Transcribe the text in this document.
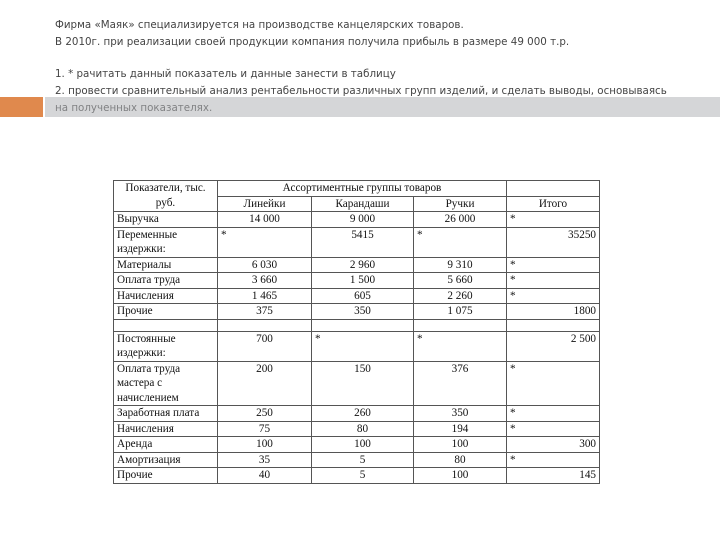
Фирма «Маяк» специализируется на производстве канцелярских товаров.

В 2010г. при реализации своей продукции компания получила прибыль в размере 49 000 т.р.

1. * рачитать данный показатель и данные занести в таблицу

2. провести сравнительный анализ рентабельности различных групп изделий, и сделать выводы, основываясь

Показатели, тыс. руб.	Ассортиментные группы товаров			
	Линейки	Карандаши	Ручки	Итого
Выручка	14 000	9 000	26 000	*
Переменные издержки:	*	5415	*	35250
Материалы	6 030	2 960	9 310	*
Оплата труда	3 660	1 500	5 660	*
Начисления	1 465	605	2 260	*
Прочие	375	350	1 075	1800

Постоянные издержки:	700	*	*	2 500
Оплата труда мастера с начислением	200	150	376	*
Заработная плата	250	260	350	*
Начисления	75	80	194	*
Аренда	100	100	100	300
Амортизация	35	5	80	*
Прочие	40	5	100	145
